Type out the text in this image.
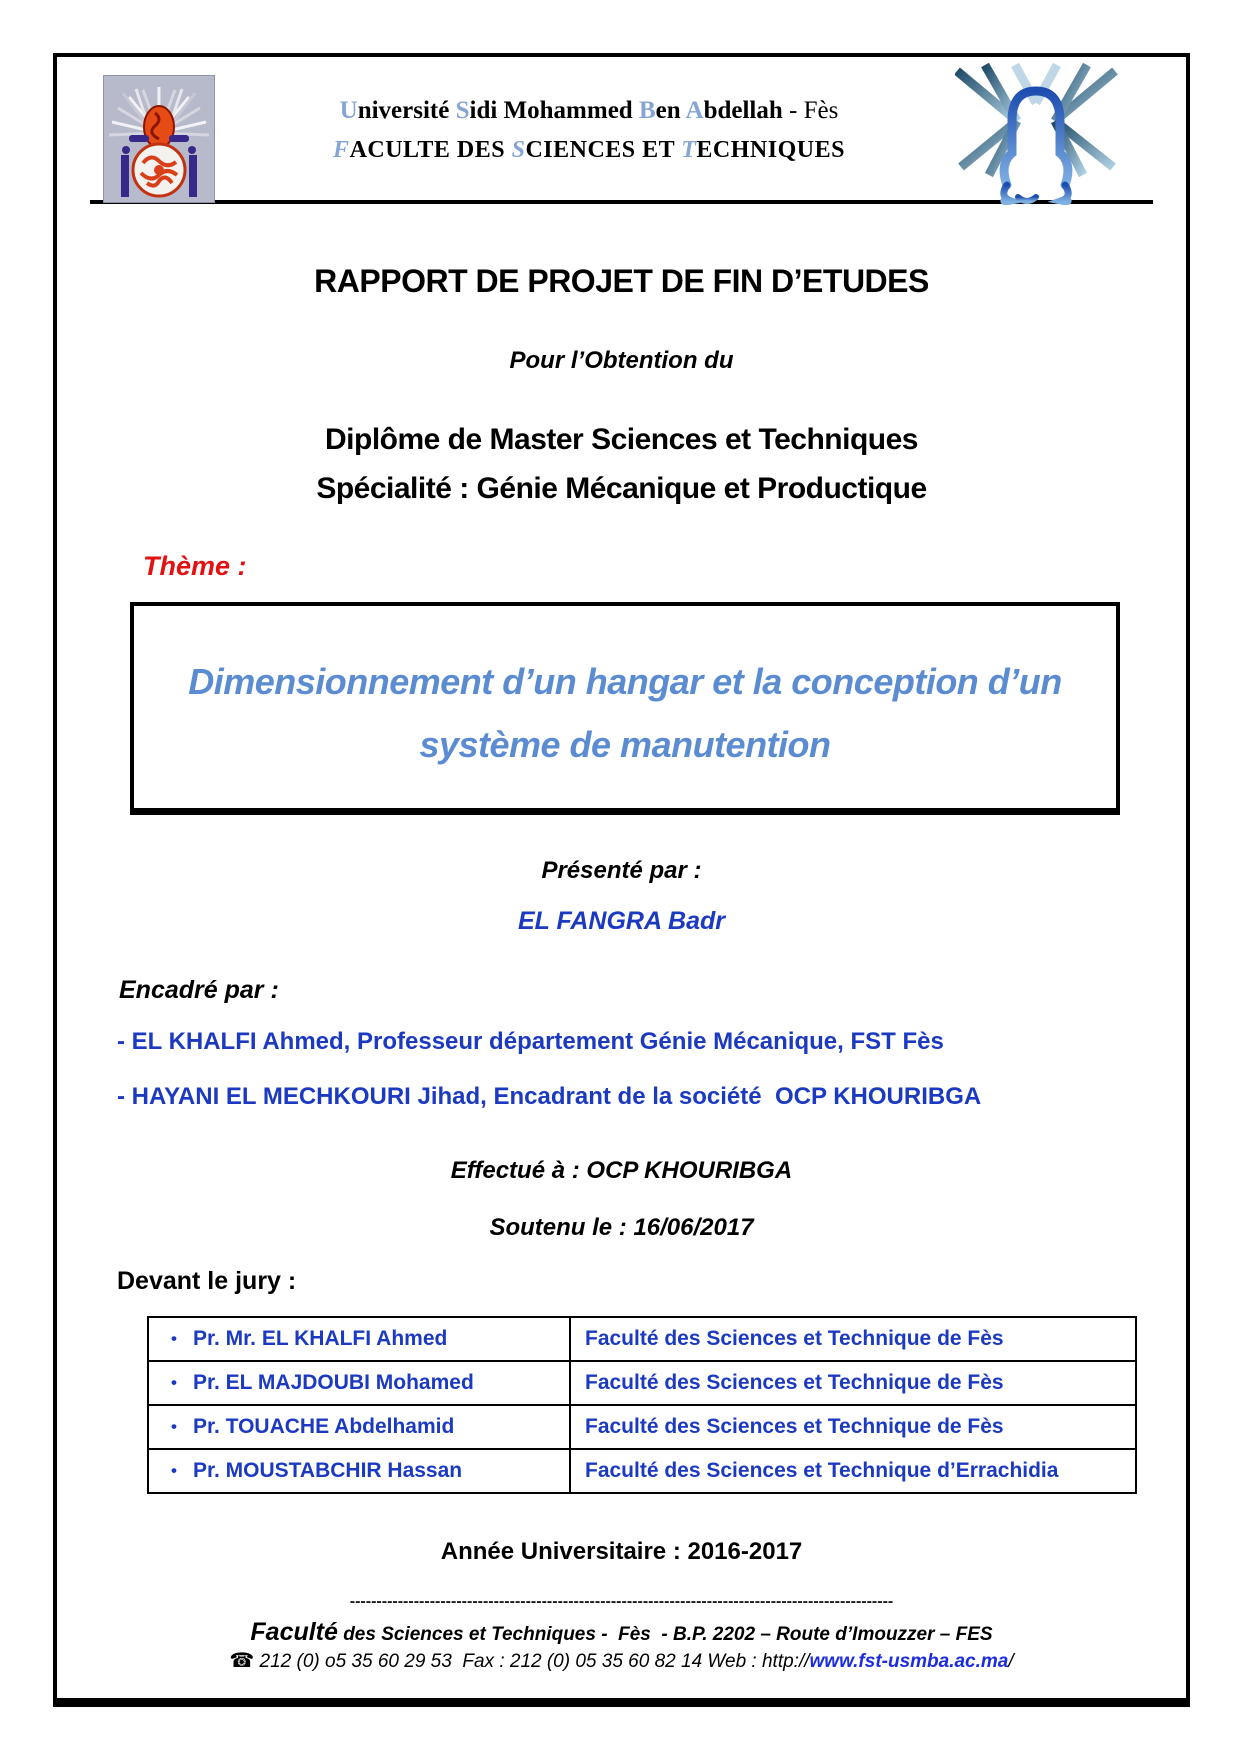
Université Sidi Mohammed Ben Abdellah - Fès
FACULTE DES SCIENCES ET TECHNIQUES
RAPPORT DE PROJET DE FIN D’ETUDES
Pour l’Obtention du
Diplôme de Master Sciences et Techniques
Spécialité : Génie Mécanique et Productique
Thème :
Dimensionnement d’un hangar et la conception d’un
système de manutention
Présenté par :
EL FANGRA Badr
Encadré par :
- EL KHALFI Ahmed, Professeur département Génie Mécanique, FST Fès
- HAYANI EL MECHKOURI Jihad, Encadrant de la société  OCP KHOURIBGA
Effectué à : OCP KHOURIBGA
Soutenu le : 16/06/2017
Devant le jury :
• Pr. Mr. EL KHALFI Ahmed	Faculté des Sciences et Technique de Fès
• Pr. EL MAJDOUBI Mohamed	Faculté des Sciences et Technique de Fès
• Pr. TOUACHE Abdelhamid	Faculté des Sciences et Technique de Fès
• Pr. MOUSTABCHIR Hassan	Faculté des Sciences et Technique d’Errachidia
Année Universitaire : 2016-2017
------------------------------------------------------------------------------------------------------
Faculté des Sciences et Techniques -  Fès  - B.P. 2202 – Route d’Imouzzer – FES
☎ 212 (0) o5 35 60 29 53  Fax : 212 (0) 05 35 60 82 14 Web : http://www.fst-usmba.ac.ma/
